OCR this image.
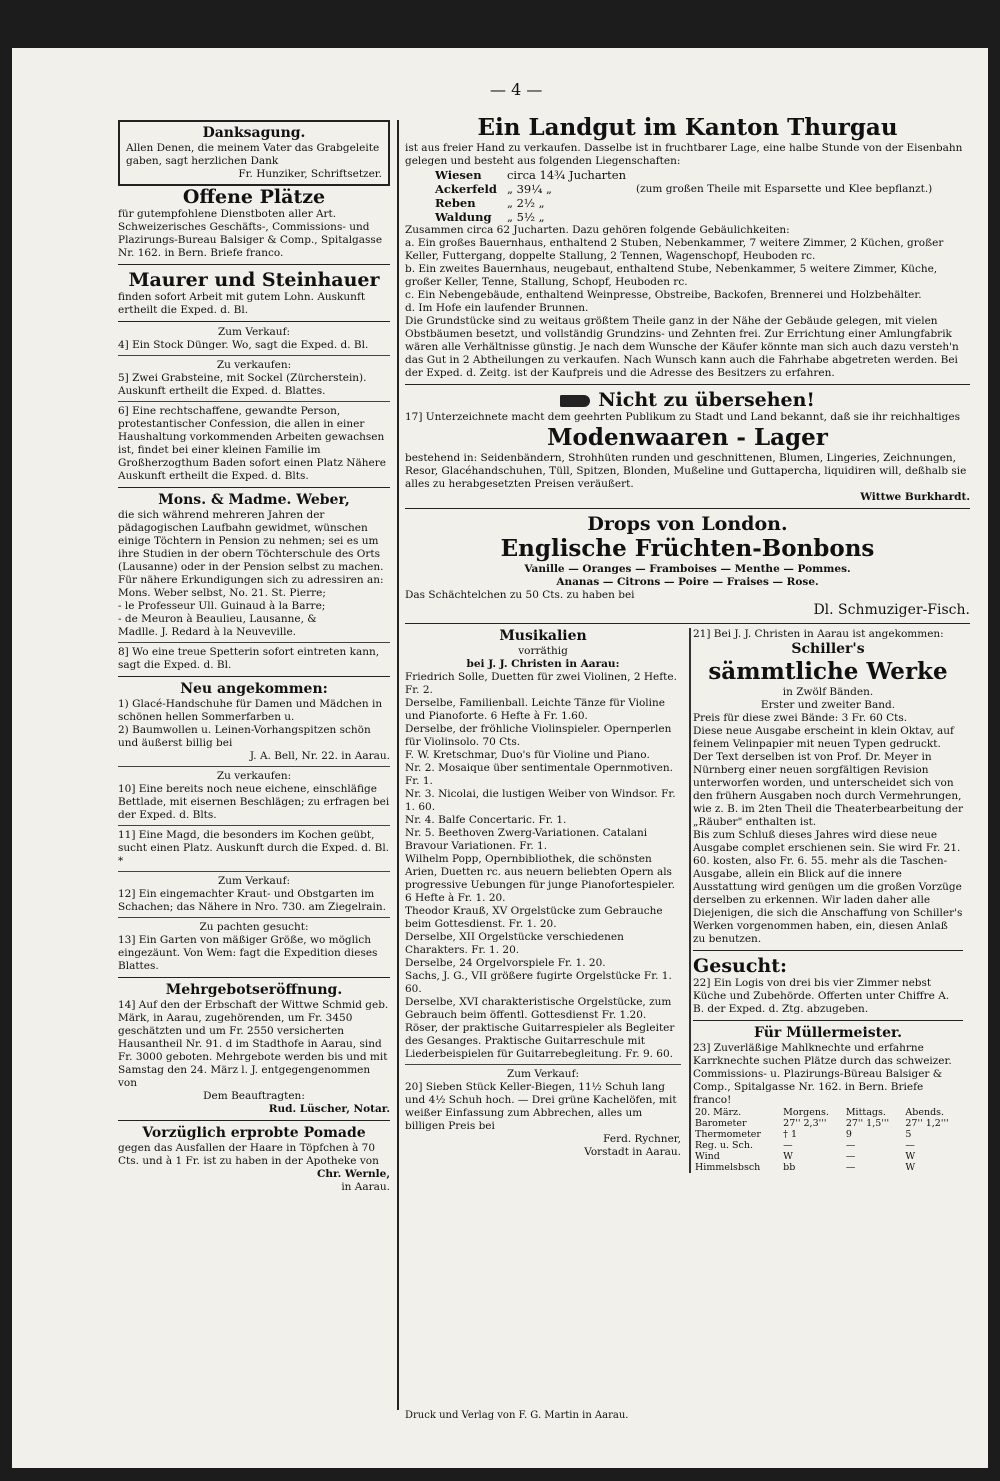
— 4 —

Danksagung.

Allen Denen, die meinem Vater das Grabgeleite gaben, sagt herzlichen Dank

Fr. Hunziker, Schriftsetzer.

Offene Plätze

für gutempfohlene Dienstboten aller Art. Schweizerisches Geschäfts-, Commissions- und Plazirungs-Bureau Balsiger & Comp., Spitalgasse Nr. 162. in Bern. Briefe franco.

Maurer und Steinhauer

finden sofort Arbeit mit gutem Lohn. Auskunft ertheilt die Exped. d. Bl.

Zum Verkauf:

4] Ein Stock Dünger. Wo, sagt die Exped. d. Bl.

Zu verkaufen:

5] Zwei Grabsteine, mit Sockel (Zürcherstein). Auskunft ertheilt die Exped. d. Blattes.

6] Eine rechtschaffene, gewandte Person, protestantischer Confession, die allen in einer Haushaltung vorkommenden Arbeiten gewachsen ist, findet bei einer kleinen Familie im Großherzogthum Baden sofort einen Platz Nähere Auskunft ertheilt die Exped. d. Blts.

Mons. & Madme. Weber,

die sich während mehreren Jahren der pädagogischen Laufbahn gewidmet, wünschen einige Töchtern in Pension zu nehmen; sei es um ihre Studien in der obern Töchterschule des Orts (Lausanne) oder in der Pension selbst zu machen.

Für nähere Erkundigungen sich zu adressiren an:

Mons. Weber selbst, No. 21. St. Pierre;

- le Professeur Ull. Guinaud à la Barre;

- de Meuron à Beaulieu, Lausanne, &

Madlle. J. Redard à la Neuveville.

8] Wo eine treue Spetterin sofort eintreten kann, sagt die Exped. d. Bl.

Neu angekommen:

1) Glacé-Handschuhe für Damen und Mädchen in schönen hellen Sommerfarben u.

2) Baumwollen u. Leinen-Vorhangspitzen schön und äußerst billig bei

J. A. Bell, Nr. 22. in Aarau.

Zu verkaufen:

10] Eine bereits noch neue eichene, einschläfige Bettlade, mit eisernen Beschlägen; zu erfragen bei der Exped. d. Blts.

11] Eine Magd, die besonders im Kochen geübt, sucht einen Platz. Auskunft durch die Exped. d. Bl. *

Zum Verkauf:

12] Ein eingemachter Kraut- und Obstgarten im Schachen; das Nähere in Nro. 730. am Ziegelrain.

Zu pachten gesucht:

13] Ein Garten von mäßiger Größe, wo möglich eingezäunt. Von Wem: fagt die Expedition dieses Blattes.

Mehrgebotseröffnung.

14] Auf den der Erbschaft der Wittwe Schmid geb. Märk, in Aarau, zugehörenden, um Fr. 3450 geschätzten und um Fr. 2550 versicherten Hausantheil Nr. 91. d im Stadthofe in Aarau, sind Fr. 3000 geboten. Mehrgebote werden bis und mit Samstag den 24. März l. J. entgegengenommen von

Dem Beauftragten:

Rud. Lüscher, Notar.

Vorzüglich erprobte Pomade

gegen das Ausfallen der Haare in Töpfchen à 70 Cts. und à 1 Fr. ist zu haben in der Apotheke von

Chr. Wernle,

in Aarau.

Ein Landgut im Kanton Thurgau

ist aus freier Hand zu verkaufen. Dasselbe ist in fruchtbarer Lage, eine halbe Stunde von der Eisenbahn gelegen und besteht aus folgenden Liegenschaften:

Wiesen	circa 14¾ Jucharten	
Ackerfeld	„ 39¼ „	(zum großen Theile mit Esparsette und Klee bepflanzt.)
Reben	„ 2½ „	
Waldung	„ 5½ „	

Zusammen circa 62 Jucharten. Dazu gehören folgende Gebäulichkeiten:

a. Ein großes Bauernhaus, enthaltend 2 Stuben, Nebenkammer, 7 weitere Zimmer, 2 Küchen, großer Keller, Futtergang, doppelte Stallung, 2 Tennen, Wagenschopf, Heuboden rc.

b. Ein zweites Bauernhaus, neugebaut, enthaltend Stube, Nebenkammer, 5 weitere Zimmer, Küche, großer Keller, Tenne, Stallung, Schopf, Heuboden rc.

c. Ein Nebengebäude, enthaltend Weinpresse, Obstreibe, Backofen, Brennerei und Holzbehälter.

d. Im Hofe ein laufender Brunnen.

Die Grundstücke sind zu weitaus größtem Theile ganz in der Nähe der Gebäude gelegen, mit vielen Obstbäumen besetzt, und vollständig Grundzins- und Zehnten frei. Zur Errichtung einer Amlungfabrik wären alle Verhältnisse günstig. Je nach dem Wunsche der Käufer könnte man sich auch dazu versteh'n das Gut in 2 Abtheilungen zu verkaufen. Nach Wunsch kann auch die Fahrhabe abgetreten werden. Bei der Exped. d. Zeitg. ist der Kaufpreis und die Adresse des Besitzers zu erfahren.

Nicht zu übersehen!

17] Unterzeichnete macht dem geehrten Publikum zu Stadt und Land bekannt, daß sie ihr reichhaltiges

Modenwaaren - Lager

bestehend in: Seidenbändern, Strohhüten runden und geschnittenen, Blumen, Lingeries, Zeichnungen, Resor, Glacéhandschuhen, Tüll, Spitzen, Blonden, Mußeline und Guttapercha, liquidiren will, deßhalb sie alles zu herabgesetzten Preisen veräußert.

Wittwe Burkhardt.

Drops von London.

Englische Früchten-Bonbons

Vanille — Oranges — Framboises — Menthe — Pommes.

Ananas — Citrons — Poire — Fraises — Rose.

Das Schächtelchen zu 50 Cts. zu haben bei

Dl. Schmuziger-Fisch.

Musikalien

vorräthig

bei J. J. Christen in Aarau:

Friedrich Solle, Duetten für zwei Violinen, 2 Hefte. Fr. 2.

Derselbe, Familienball. Leichte Tänze für Violine und Pianoforte. 6 Hefte à Fr. 1.60.

Derselbe, der fröhliche Violinspieler. Opernperlen für Violinsolo. 70 Cts.

F. W. Kretschmar, Duo's für Violine und Piano.

Nr. 2. Mosaique über sentimentale Opernmotiven. Fr. 1.

Nr. 3. Nicolai, die lustigen Weiber von Windsor. Fr. 1. 60.

Nr. 4. Balfe Concertaric. Fr. 1.

Nr. 5. Beethoven Zwerg-Variationen. Catalani Bravour Variationen. Fr. 1.

Wilhelm Popp, Opernbibliothek, die schönsten Arien, Duetten rc. aus neuern beliebten Opern als progressive Uebungen für junge Pianofortespieler. 6 Hefte à Fr. 1. 20.

Theodor Krauß, XV Orgelstücke zum Gebrauche beim Gottesdienst. Fr. 1. 20.

Derselbe, XII Orgelstücke verschiedenen Charakters. Fr. 1. 20.

Derselbe, 24 Orgelvorspiele Fr. 1. 20.

Sachs, J. G., VII größere fugirte Orgelstücke Fr. 1. 60.

Derselbe, XVI charakteristische Orgelstücke, zum Gebrauch beim öffentl. Gottesdienst Fr. 1.20.

Röser, der praktische Guitarrespieler als Begleiter des Gesanges. Praktische Guitarreschule mit Liederbeispielen für Guitarrebegleitung. Fr. 9. 60.

Zum Verkauf:

20] Sieben Stück Keller-Biegen, 11½ Schuh lang und 4½ Schuh hoch. — Drei grüne Kachelöfen, mit weißer Einfassung zum Abbrechen, alles um billigen Preis bei

Ferd. Rychner,

Vorstadt in Aarau.

21] Bei J. J. Christen in Aarau ist angekommen:

Schiller's

sämmtliche Werke

in Zwölf Bänden.

Erster und zweiter Band.

Preis für diese zwei Bände: 3 Fr. 60 Cts.

Diese neue Ausgabe erscheint in klein Oktav, auf feinem Velinpapier mit neuen Typen gedruckt. Der Text derselben ist von Prof. Dr. Meyer in Nürnberg einer neuen sorgfältigen Revision unterworfen worden, und unterscheidet sich von den frühern Ausgaben noch durch Vermehrungen, wie z. B. im 2ten Theil die Theaterbearbeitung der „Räuber" enthalten ist.

Bis zum Schluß dieses Jahres wird diese neue Ausgabe complet erschienen sein. Sie wird Fr. 21. 60. kosten, also Fr. 6. 55. mehr als die Taschen-Ausgabe, allein ein Blick auf die innere Ausstattung wird genügen um die großen Vorzüge derselben zu erkennen. Wir laden daher alle Diejenigen, die sich die Anschaffung von Schiller's Werken vorgenommen haben, ein, diesen Anlaß zu benutzen.

Gesucht:

22] Ein Logis von drei bis vier Zimmer nebst Küche und Zubehörde. Offerten unter Chiffre A. B. der Exped. d. Ztg. abzugeben.

Für Müllermeister.

23] Zuverläßige Mahlknechte und erfahrne Karrknechte suchen Plätze durch das schweizer. Commissions- u. Plazirungs-Büreau Balsiger & Comp., Spitalgasse Nr. 162. in Bern. Briefe franco!

20. März.	Morgens.	Mittags.	Abends.
Barometer	27'' 2,3'''	27'' 1,5'''	27'' 1,2'''
Thermometer	† 1	9	5
Reg. u. Sch.	—	—	—
Wind	W	—	W
Himmelsbsch	bb	—	W
Druck und Verlag von F. G. Martin in Aarau.
